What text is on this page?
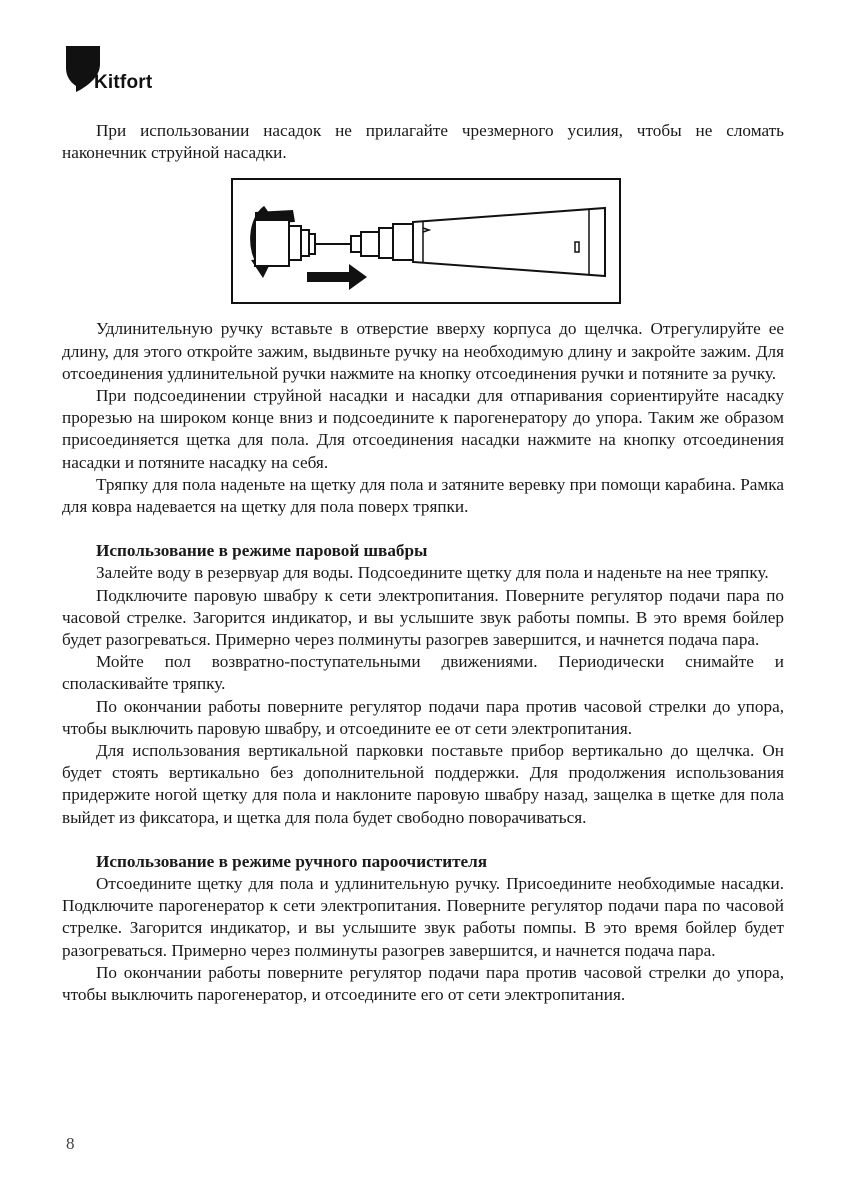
Kitfort

При использовании насадок не прилагайте чрезмерного усилия, чтобы не сломать наконечник струйной насадки.

Удлинительную ручку вставьте в отверстие вверху корпуса до щелчка. Отрегулируйте ее длину, для этого откройте зажим, выдвиньте ручку на необходимую длину и закройте зажим. Для отсоединения удлинительной ручки нажмите на кнопку отсоединения ручки и потяните за ручку.

При подсоединении струйной насадки и насадки для отпаривания сориентируйте насадку прорезью на широком конце вниз и подсоедините к парогенератору до упора. Таким же образом присоединяется щетка для пола. Для отсоединения насадки нажмите на кнопку отсоединения насадки и потяните насадку на себя.

Тряпку для пола наденьте на щетку для пола и затяните веревку при помощи карабина. Рамка для ковра надевается на щетку для пола поверх тряпки.

Использование в режиме паровой швабры

Залейте воду в резервуар для воды. Подсоедините щетку для пола и наденьте на нее тряпку.

Подключите паровую швабру к сети электропитания. Поверните регулятор подачи пара по часовой стрелке. Загорится индикатор, и вы услышите звук работы помпы. В это время бойлер будет разогреваться. Примерно через полминуты разогрев завершится, и начнется подача пара.

Мойте пол возвратно-поступательными движениями. Периодически снимайте и споласкивайте тряпку.

По окончании работы поверните регулятор подачи пара против часовой стрелки до упора, чтобы выключить паровую швабру, и отсоедините ее от сети электропитания.

Для использования вертикальной парковки поставьте прибор вертикально до щелчка. Он будет стоять вертикально без дополнительной поддержки. Для продолжения использования придержите ногой щетку для пола и наклоните паровую швабру назад, защелка в щетке для пола выйдет из фиксатора, и щетка для пола будет свободно поворачиваться.

Использование в режиме ручного пароочистителя

Отсоедините щетку для пола и удлинительную ручку. Присоедините необходимые насадки. Подключите парогенератор к сети электропитания. Поверните регулятор подачи пара по часовой стрелке. Загорится индикатор, и вы услышите звук работы помпы. В это время бойлер будет разогреваться. Примерно через полминуты разогрев завершится, и начнется подача пара.

По окончании работы поверните регулятор подачи пара против часовой стрелки до упора, чтобы выключить парогенератор, и отсоедините его от сети электропитания.

8
